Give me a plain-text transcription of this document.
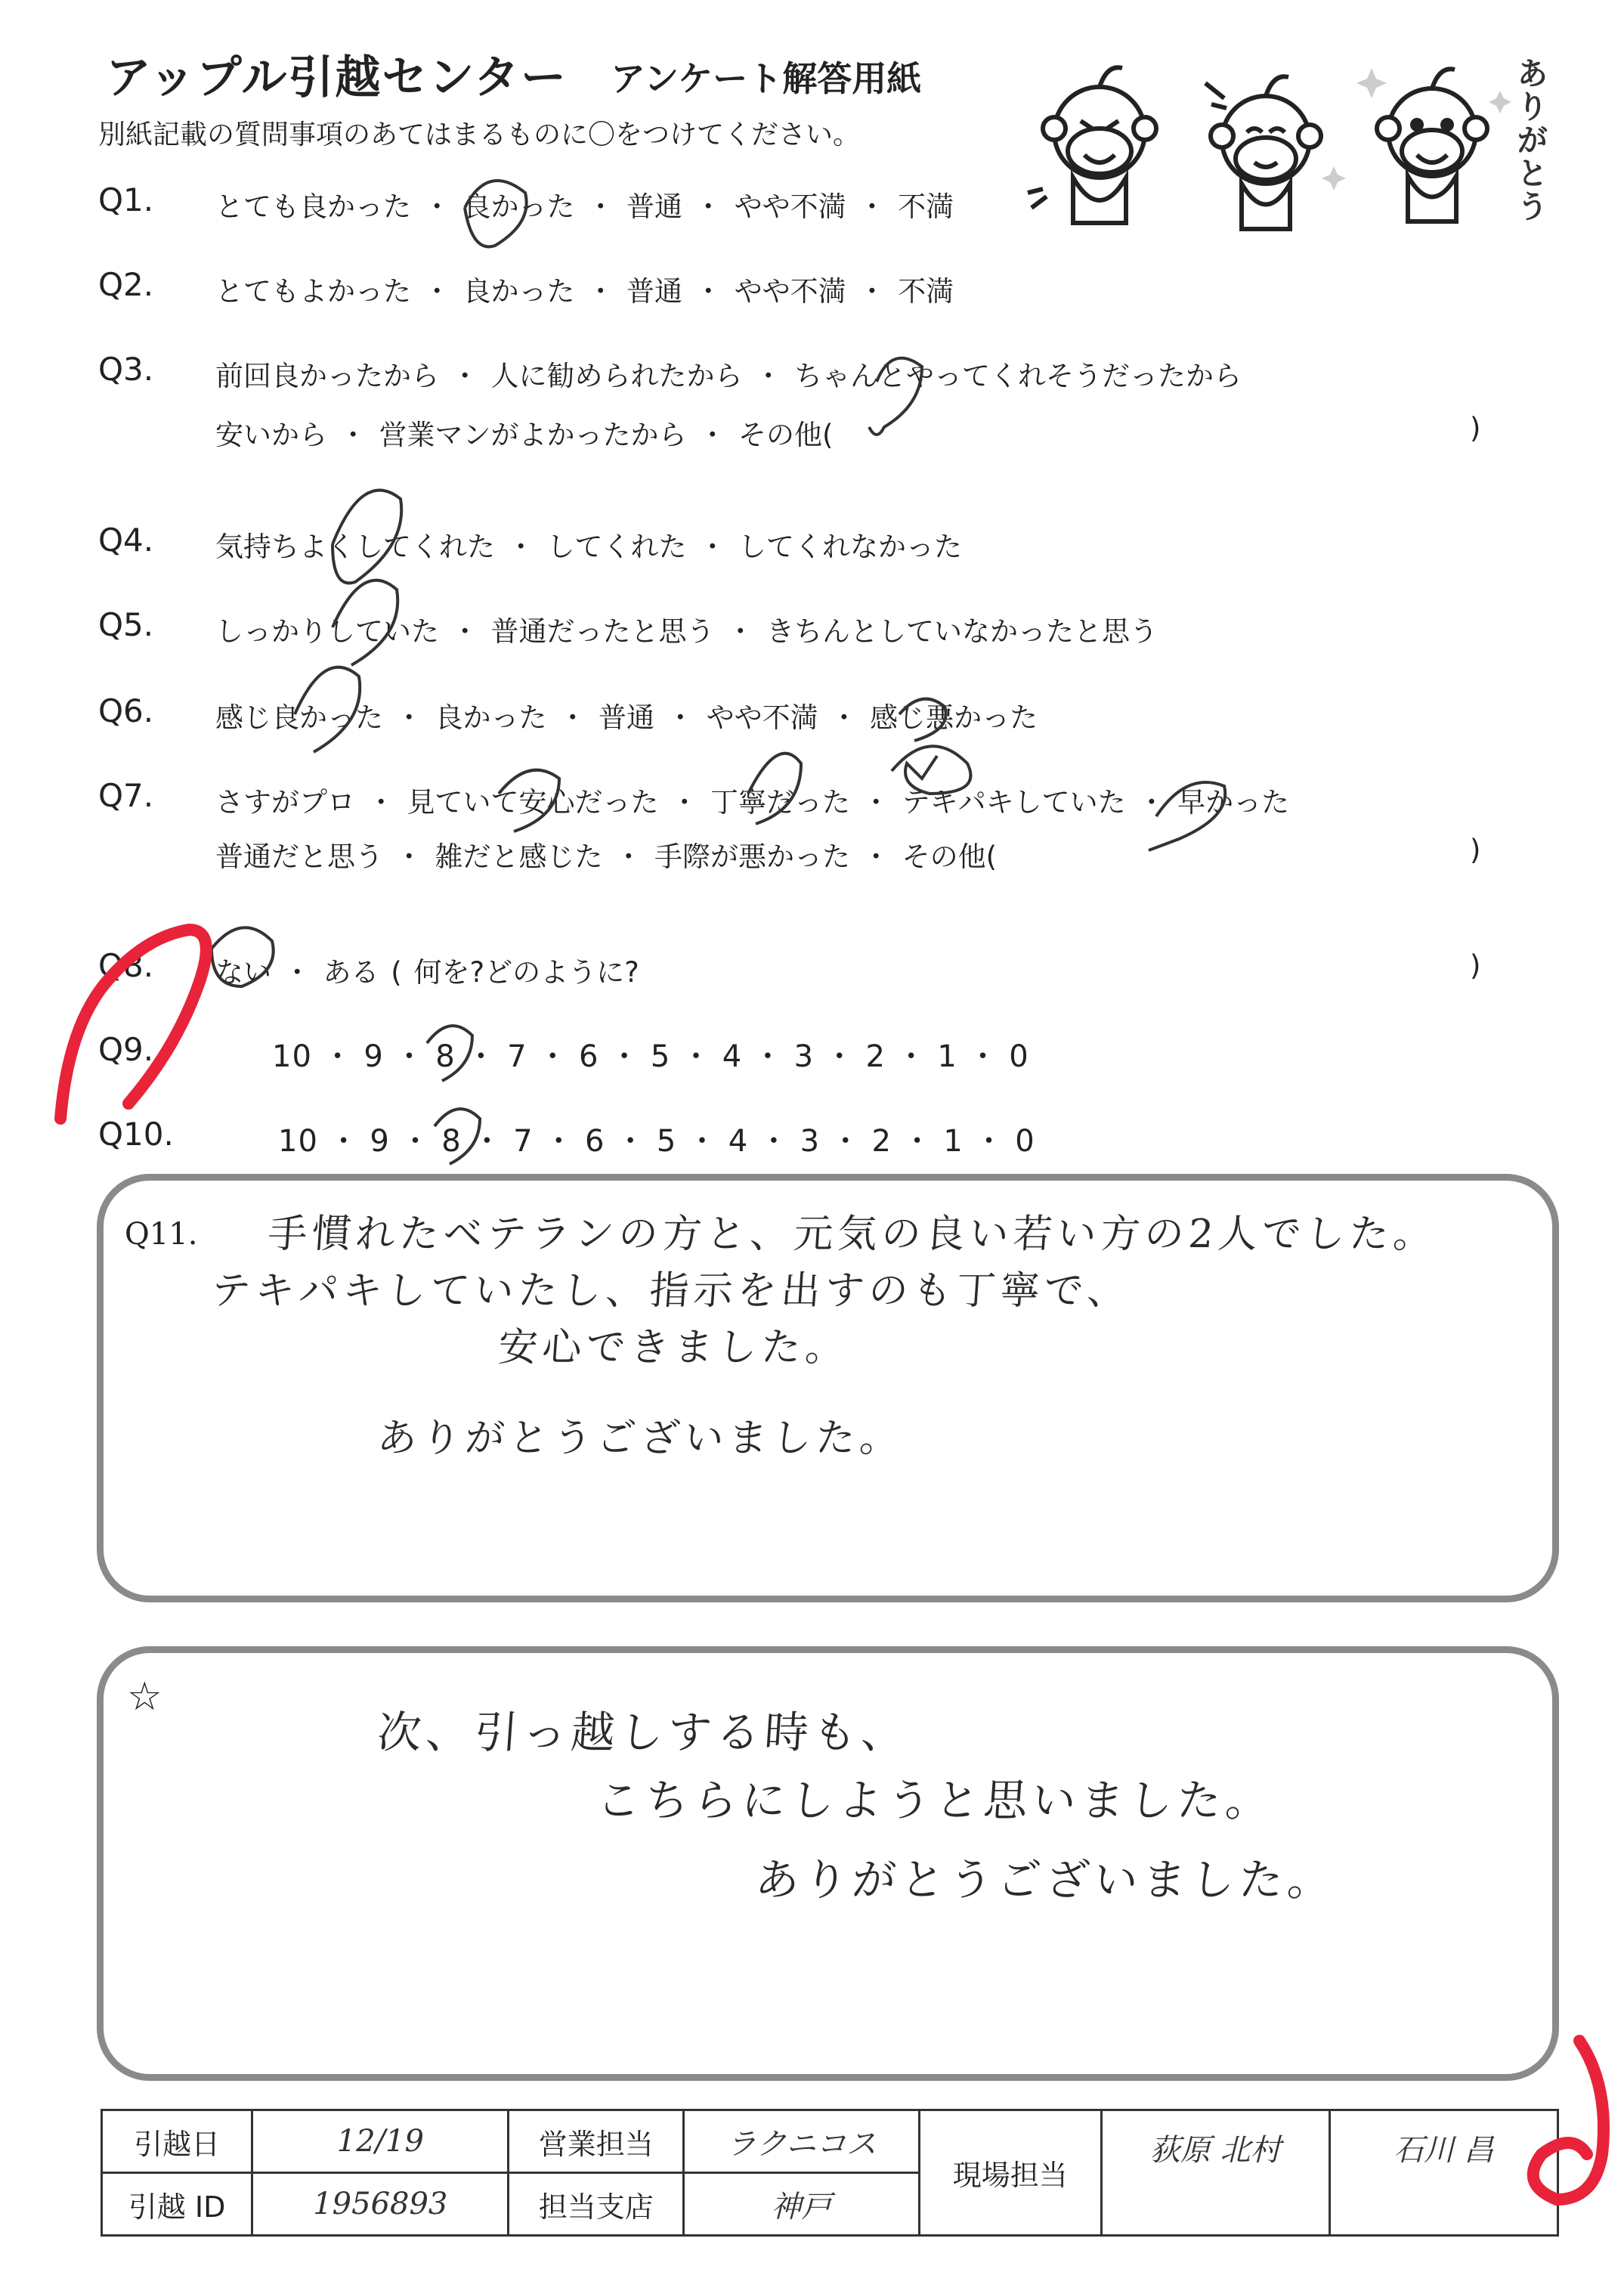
アップル引越センター アンケート解答用紙
別紙記載の質問事項のあてはまるものに〇をつけてください。	ありがとう
Q1. とても良かった ・ 良かった ・ 普通 ・ やや不満 ・ 不満
Q2. とてもよかった ・ 良かった ・ 普通 ・ やや不満 ・ 不満
Q3. 前回良かったから ・ 人に勧められたから ・ ちゃんとやってくれそうだったから
安いから ・ 営業マンがよかったから ・ その他(	)
Q4. 気持ちよくしてくれた ・ してくれた ・ してくれなかった
Q5. しっかりしていた ・ 普通だったと思う ・ きちんとしていなかったと思う
Q6. 感じ良かった ・ 良かった ・ 普通 ・ やや不満 ・ 感じ悪かった
Q7. さすがプロ ・ 見ていて安心だった ・ 丁寧だった ・ テキパキしていた ・ 早かった
普通だと思う ・ 雑だと感じた ・ 手際が悪かった ・ その他(	)
Q8. ない ・ ある ( 何を?どのように?	)
Q9.	10 ・ 9 ・ 8 ・ 7 ・ 6 ・ 5 ・ 4 ・ 3 ・ 2 ・ 1 ・ 0
Q10.	10 ・ 9 ・ 8 ・ 7 ・ 6 ・ 5 ・ 4 ・ 3 ・ 2 ・ 1 ・ 0
Q11. 手慣れたベテランの方と、元気の良い若い方の2人でした。
テキパキしていたし、指示を出すのも丁寧で、
安心できました。
ありがとうございました。
☆
次、引っ越しする時も、
こちらにしようと思いました。
ありがとうございました。
引越日	12/19	営業担当	ラクニコス	現場担当	荻原 北村	石川 昌
引越 ID	1956893	担当支店	神戸			
